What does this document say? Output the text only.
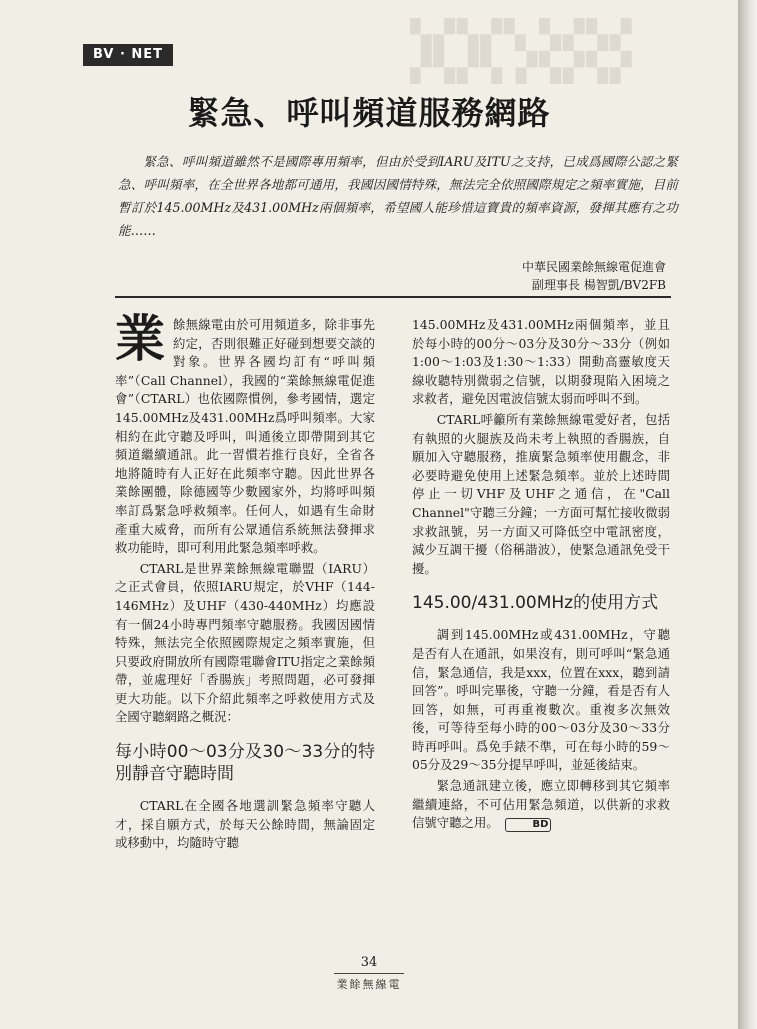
▚▞▚▞▚ ▚▞▚▞
▞▚▞▚ ▞▚▞▚▞
BV · NET
緊急、呼叫頻道服務網路
緊急、呼叫頻道雖然不是國際專用頻率，但由於受到IARU及ITU之支持，已成爲國際公認之緊急、呼叫頻率，在全世界各地都可通用，我國因國情特殊，無法完全依照國際規定之頻率實施，目前暫訂於145.00MHz及431.00MHz兩個頻率，希望國人能珍惜這寶貴的頻率資源，發揮其應有之功能……
中華民國業餘無線電促進會
副理事長 楊智凱/BV2FB

業餘無線電由於可用頻道多，除非事先約定，否則很難正好碰到想要交談的對象。世界各國均訂有“呼叫頻率”（Call Channel），我國的“業餘無線電促進會”（CTARL）也依國際慣例，參考國情，選定145.00MHz及431.00MHz爲呼叫頻率。大家相約在此守聽及呼叫，叫通後立即帶開到其它頻道繼續通訊。此一習慣若推行良好，全省各地將隨時有人正好在此頻率守聽。因此世界各業餘團體，除德國等少數國家外，均將呼叫頻率訂爲緊急呼救頻率。任何人，如遇有生命財產重大威脅，而所有公眾通信系統無法發揮求救功能時，即可利用此緊急頻率呼救。

CTARL是世界業餘無線電聯盟（IARU）之正式會員，依照IARU規定，於VHF（144-146MHz）及UHF（430-440MHz）均應設有一個24小時專門頻率守聽服務。我國因國情特殊，無法完全依照國際規定之頻率實施，但只要政府開放所有國際電聯會ITU指定之業餘頻帶，並處理好「香腸族」考照問題，必可發揮更大功能。以下介紹此頻率之呼救使用方式及全國守聽網路之概況：

每小時00～03分及30～33分的特別靜音守聽時間

CTARL在全國各地選訓緊急頻率守聽人才，採自願方式，於每天公餘時間，無論固定或移動中，均隨時守聽

145.00MHz及431.00MHz兩個頻率，並且於每小時的00分～03分及30分～33分（例如1:00～1:03及1:30～1:33）開動高靈敏度天線收聽特別微弱之信號，以期發現陷入困境之求救者，避免因電波信號太弱而呼叫不到。

CTARL呼籲所有業餘無線電愛好者，包括有執照的火腿族及尚未考上執照的香腸族，自願加入守聽服務，推廣緊急頻率使用觀念，非必要時避免使用上述緊急頻率。並於上述時間停止一切VHF及UHF之通信，在"Call Channel"守聽三分鐘；一方面可幫忙接收微弱求救訊號，另一方面又可降低空中電訊密度，減少互調干擾（俗稱諧波），使緊急通訊免受干擾。

145.00/431.00MHz的使用方式

調到145.00MHz或431.00MHz，守聽是否有人在通訊，如果沒有，則可呼叫“緊急通信，緊急通信，我是xxx，位置在xxx，聽到請回答”。呼叫完畢後，守聽一分鐘，看是否有人回答，如無，可再重複數次。重複多次無效後，可等待至每小時的00～03分及30～33分時再呼叫。爲免手錶不準，可在每小時的59～05分及29～35分提早呼叫，並延後結束。

緊急通訊建立後，應立即轉移到其它頻率繼續連絡，不可佔用緊急頻道，以供新的求救信號守聽之用。	BD

34
業餘無線電
